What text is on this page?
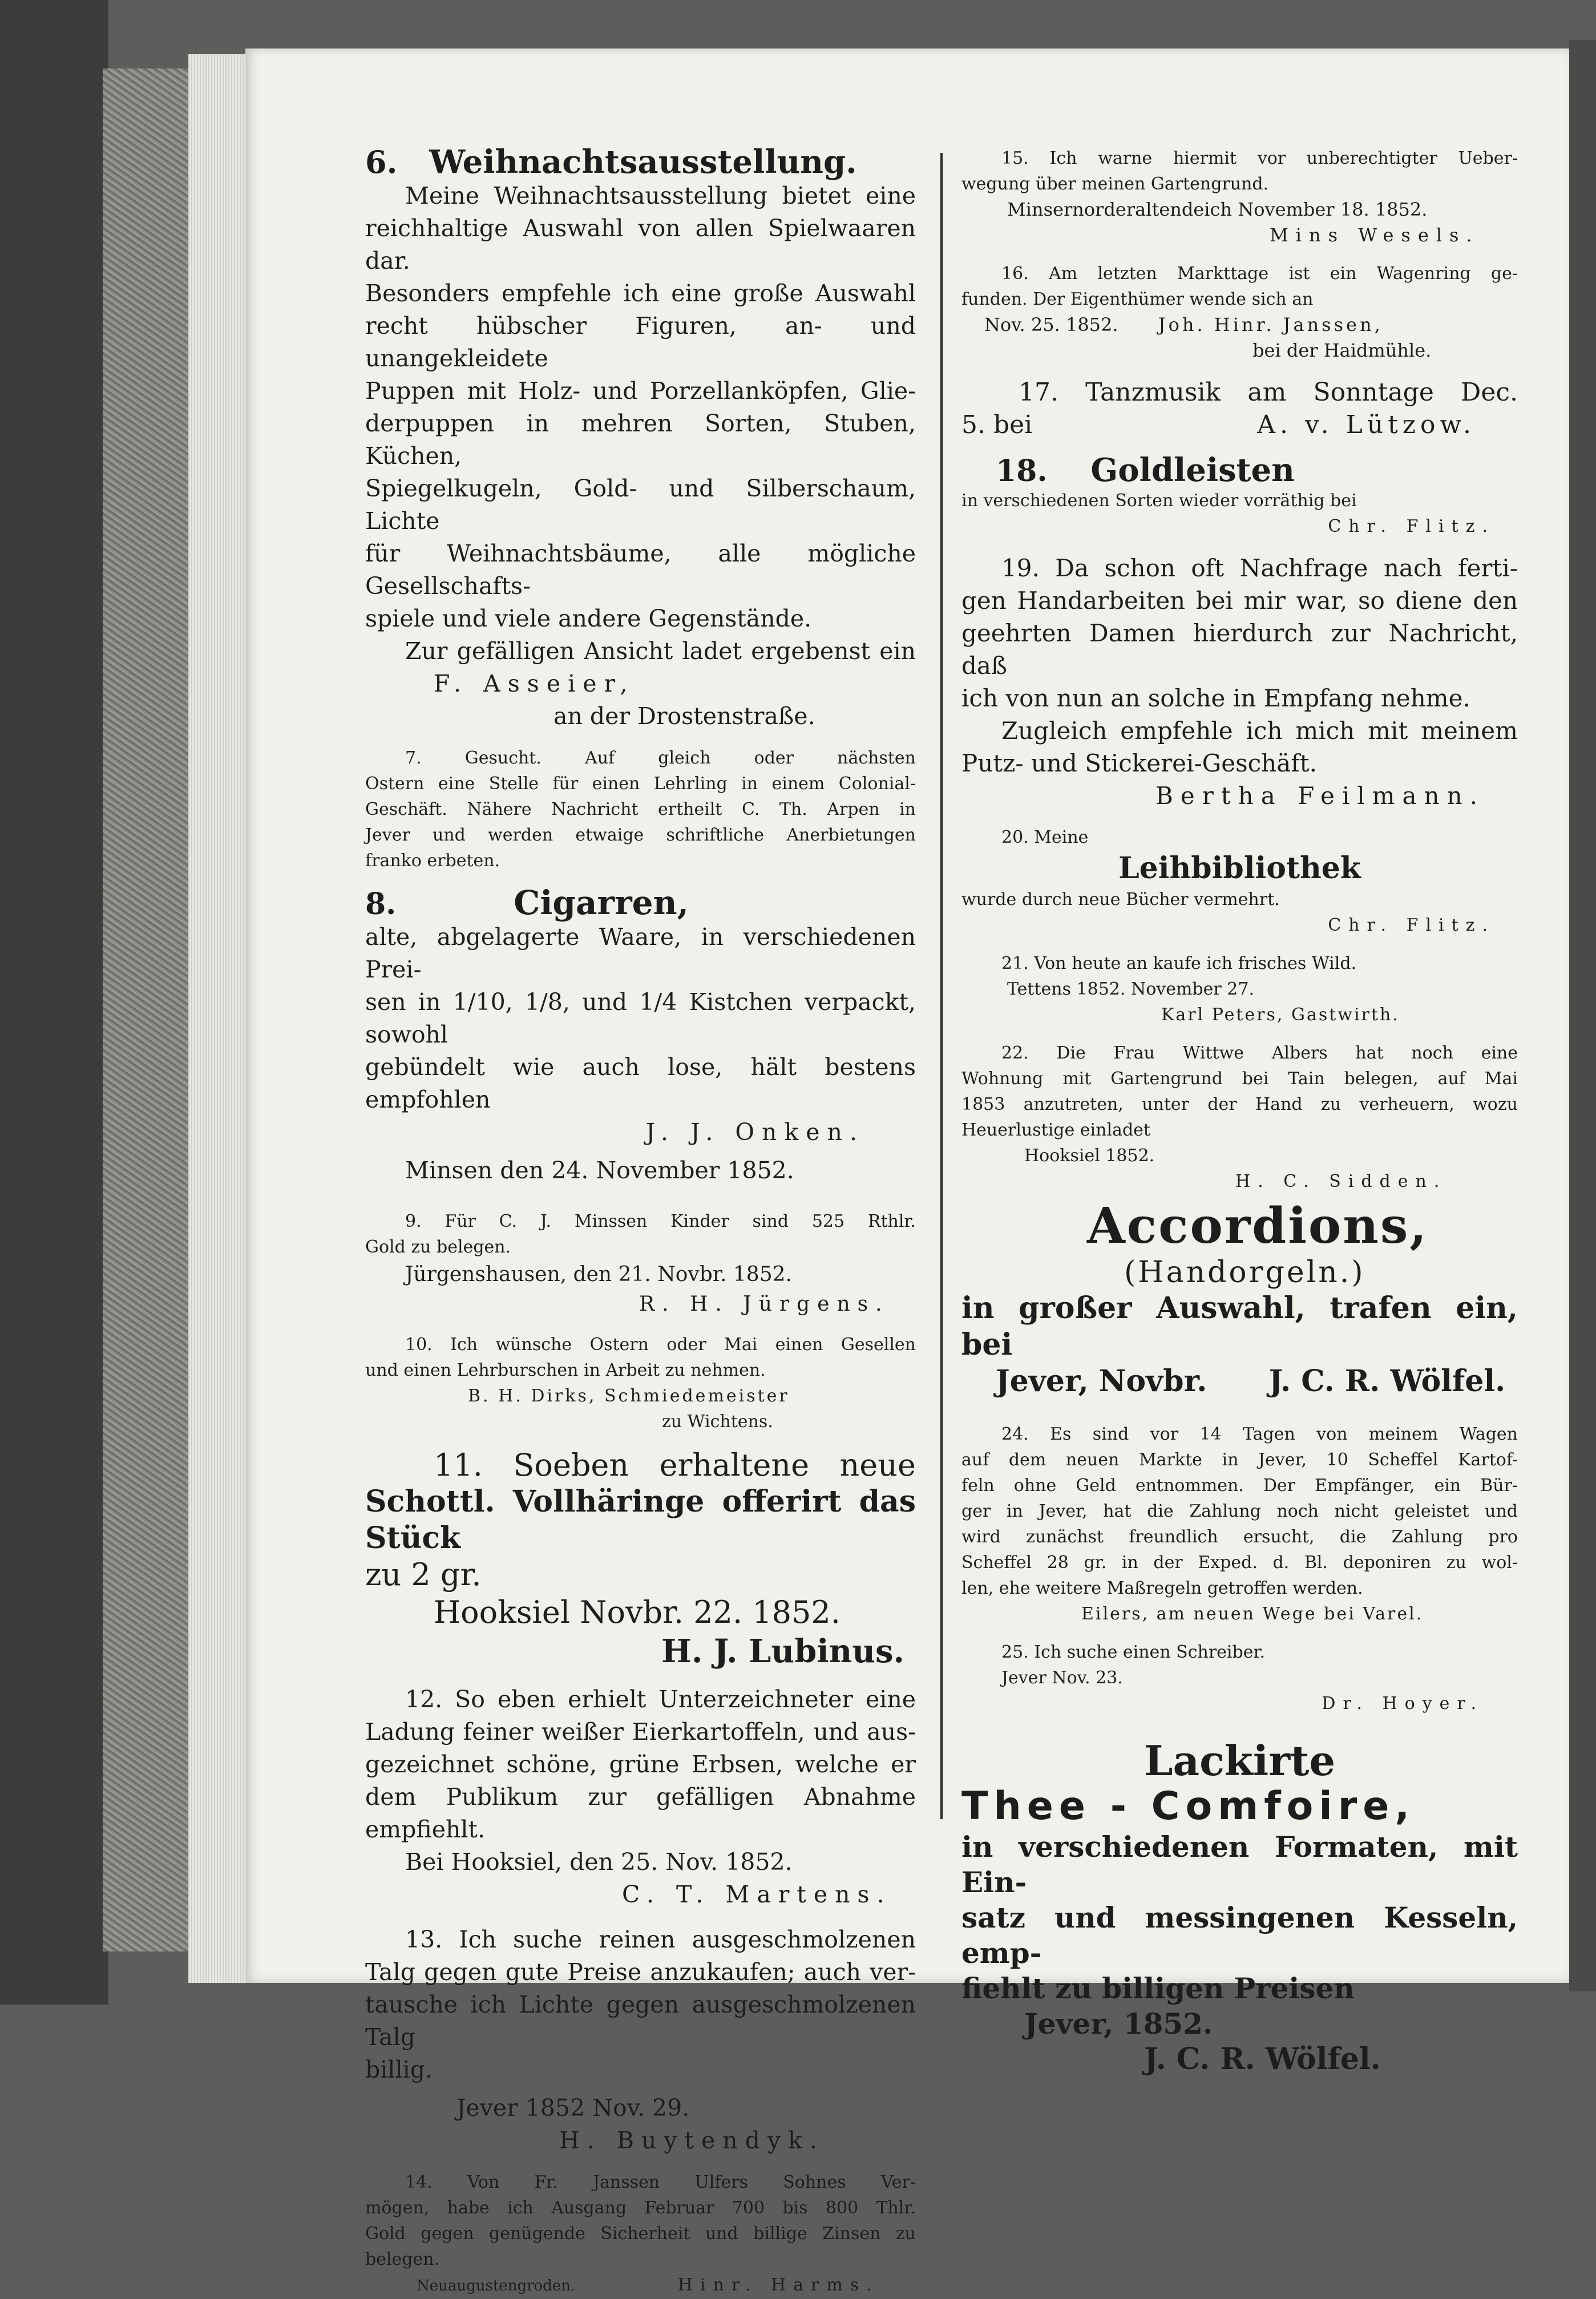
6. Weihnachtsausstellung.

Meine Weihnachtsausstellung bietet eine

reichhaltige Auswahl von allen Spielwaaren dar.

Besonders empfehle ich eine große Auswahl

recht hübscher Figuren, an- und unangekleidete

Puppen mit Holz- und Porzellanköpfen, Glie-

derpuppen in mehren Sorten, Stuben, Küchen,

Spiegelkugeln, Gold- und Silberschaum, Lichte

für Weihnachtsbäume, alle mögliche Gesellschafts-

spiele und viele andere Gegenstände.

Zur gefälligen Ansicht ladet ergebenst ein

F. Asseier,

an der Drostenstraße.

7. Gesucht. Auf gleich oder nächsten

Ostern eine Stelle für einen Lehrling in einem Colonial-

Geschäft. Nähere Nachricht ertheilt C. Th. Arpen in

Jever und werden etwaige schriftliche Anerbietungen

franko erbeten.

8.	Cigarren,

alte, abgelagerte Waare, in verschiedenen Prei-

sen in 1/10, 1/8, und 1/4 Kistchen verpackt, sowohl

gebündelt wie auch lose, hält bestens empfohlen

J. J. Onken.

Minsen den 24. November 1852.

9. Für C. J. Minssen Kinder sind 525 Rthlr.

Gold zu belegen.

Jürgenshausen, den 21. Novbr. 1852.

R. H. Jürgens.

10. Ich wünsche Ostern oder Mai einen Gesellen

und einen Lehrburschen in Arbeit zu nehmen.

B. H. Dirks, Schmiedemeister

zu Wichtens.

11. Soeben erhaltene neue

Schottl. Vollhäringe offerirt das Stück

zu 2 gr.

Hooksiel Novbr. 22. 1852.

H. J. Lubinus.

12. So eben erhielt Unterzeichneter eine

Ladung feiner weißer Eierkartoffeln, und aus-

gezeichnet schöne, grüne Erbsen, welche er

dem Publikum zur gefälligen Abnahme empfiehlt.

Bei Hooksiel, den 25. Nov. 1852.

C. T. Martens.

13. Ich suche reinen ausgeschmolzenen

Talg gegen gute Preise anzukaufen; auch ver-

tausche ich Lichte gegen ausgeschmolzenen Talg

billig.

Jever 1852 Nov. 29.

H. Buytendyk.

14. Von Fr. Janssen Ulfers Sohnes Ver-

mögen, habe ich Ausgang Februar 700 bis 800 Thlr.

Gold gegen genügende Sicherheit und billige Zinsen zu

belegen.

Neuaugustengroden.	Hinr. Harms.

15. Ich warne hiermit vor unberechtigter Ueber-

wegung über meinen Gartengrund.

Minsernorderaltendeich November 18. 1852.

Mins Wesels.

16. Am letzten Markttage ist ein Wagenring ge-

funden. Der Eigenthümer wende sich an

Nov. 25. 1852. Joh. Hinr. Janssen,

bei der Haidmühle.

17. Tanzmusik am Sonntage Dec.

5. bei	A. v. Lützow.

18. Goldleisten

in verschiedenen Sorten wieder vorräthig bei

Chr. Flitz.

19. Da schon oft Nachfrage nach ferti-

gen Handarbeiten bei mir war, so diene den

geehrten Damen hierdurch zur Nachricht, daß

ich von nun an solche in Empfang nehme.

Zugleich empfehle ich mich mit meinem

Putz- und Stickerei-Geschäft.

Bertha Feilmann.

20. Meine

Leihbibliothek

wurde durch neue Bücher vermehrt.

Chr. Flitz.

21. Von heute an kaufe ich frisches Wild.

Tettens 1852. November 27.

Karl Peters, Gastwirth.

22. Die Frau Wittwe Albers hat noch eine

Wohnung mit Gartengrund bei Tain belegen, auf Mai

1853 anzutreten, unter der Hand zu verheuern, wozu

Heuerlustige einladet

Hooksiel 1852.

H. C. Sidden.

Accordions,

(Handorgeln.)

in großer Auswahl, trafen ein, bei

Jever, Novbr. J. C. R. Wölfel.

24. Es sind vor 14 Tagen von meinem Wagen

auf dem neuen Markte in Jever, 10 Scheffel Kartof-

feln ohne Geld entnommen. Der Empfänger, ein Bür-

ger in Jever, hat die Zahlung noch nicht geleistet und

wird zunächst freundlich ersucht, die Zahlung pro

Scheffel 28 gr. in der Exped. d. Bl. deponiren zu wol-

len, ehe weitere Maßregeln getroffen werden.

Eilers, am neuen Wege bei Varel.

25. Ich suche einen Schreiber.

Jever Nov. 23.

Dr. Hoyer.

Lackirte

Thee - Comfoire,

in verschiedenen Formaten, mit Ein-

satz und messingenen Kesseln, emp-

fiehlt zu billigen Preisen

Jever, 1852.

J. C. R. Wölfel.
